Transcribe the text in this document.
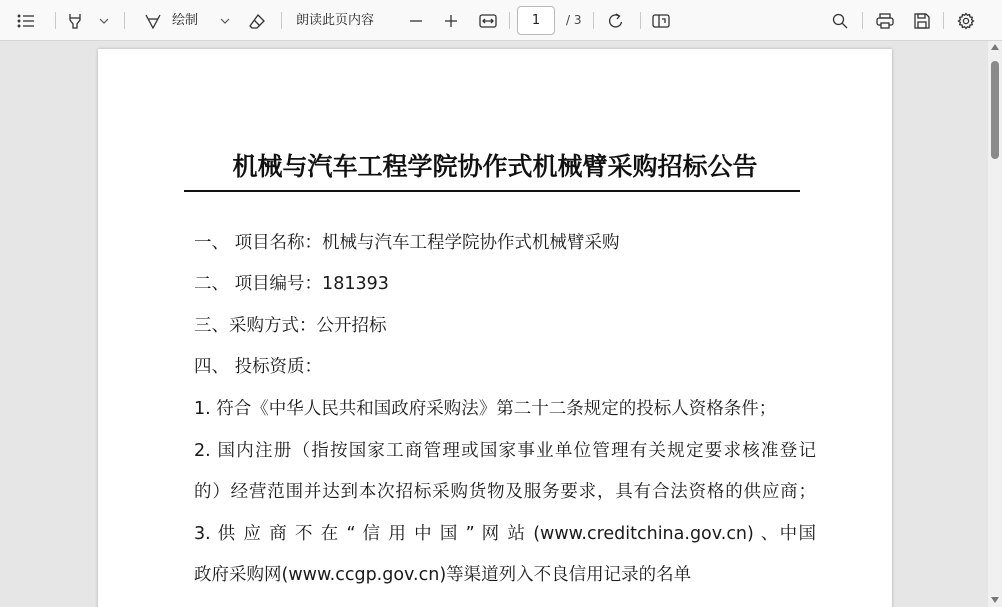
绘制	朗读此页内容	1	/ 3
机械与汽车工程学院协作式机械臂采购招标公告
一、 项目名称：机械与汽车工程学院协作式机械臂采购
二、 项目编号：181393
三、采购方式：公开招标
四、 投标资质：
1. 符合《中华人民共和国政府采购法》第二十二条规定的投标人资格条件；
2. 国内注册（指按国家工商管理或国家事业单位管理有关规定要求核准登记
的）经营范围并达到本次招标采购货物及服务要求，具有合法资格的供应商；
3. 供 应 商 不 在 “ 信 用 中 国 ” 网 站 (www.creditchina.gov.cn) 、中国
政府采购网(www.ccgp.gov.cn)等渠道列入不良信用记录的名单
